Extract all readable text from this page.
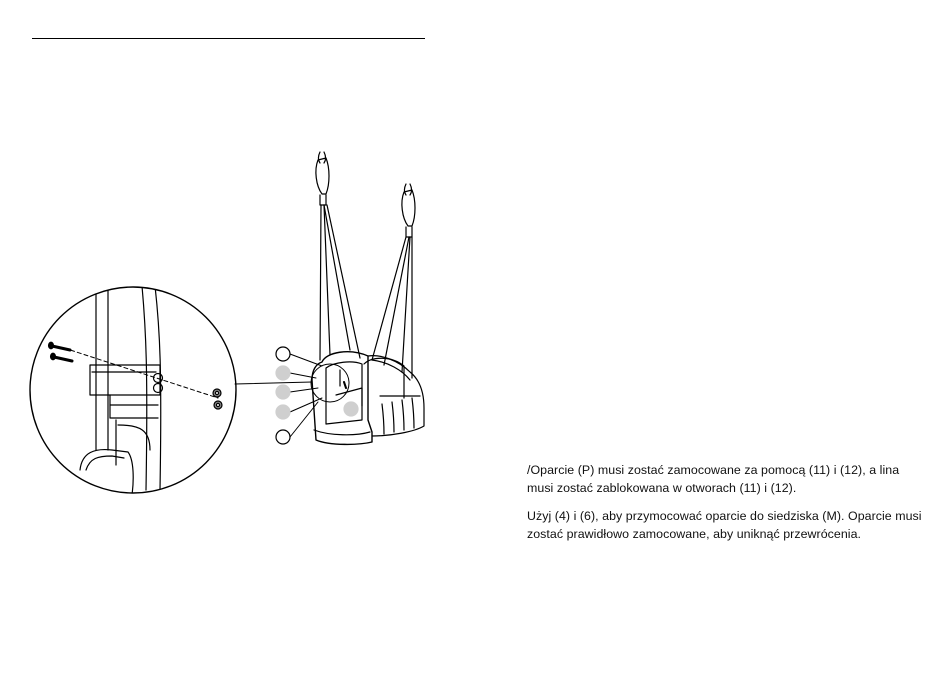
/Oparcie (P) musi zostać zamocowane za pomocą (11) i (12), a lina
musi zostać zablokowana w otworach (11) i (12).

Użyj (4) i (6), aby przymocować oparcie do siedziska (M). Oparcie musi
zostać prawidłowo zamocowane, aby uniknąć przewrócenia.
